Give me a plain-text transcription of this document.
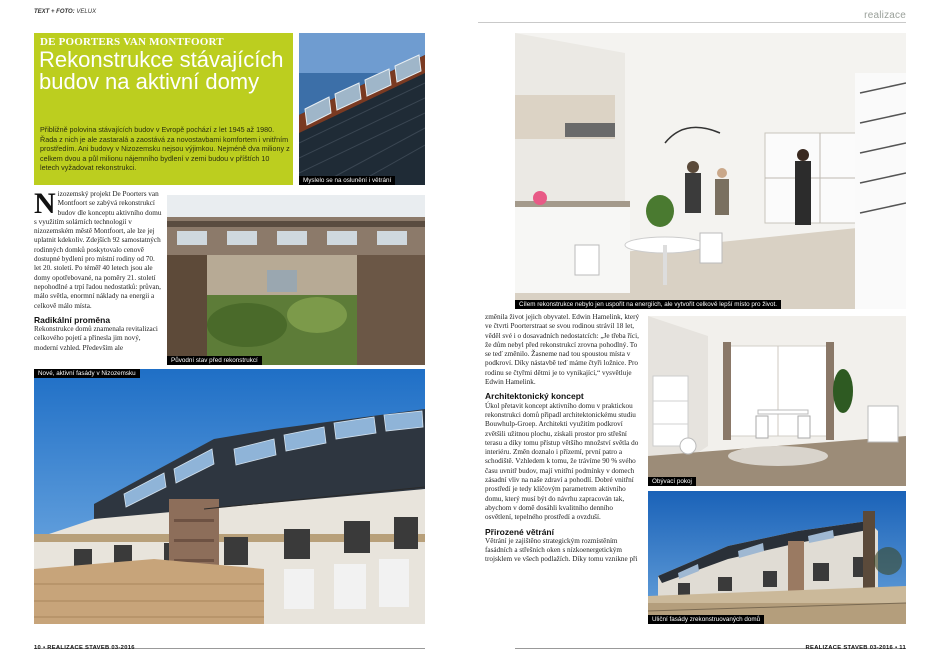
TEXT + FOTO: VELUX	realizace
DE POORTERS VAN MONTFOORT
Rekonstrukce stávajících budov na aktivní domy
Přibližně polovina stávajících budov v Evropě pochází z let 1945 až 1980. Řada z nich je ale zastaralá a zaostává za novostavbami komfortem i vnitřním prostředím. Ani budovy v Nizozemsku nejsou výjimkou. Nejméně dva miliony z celkem dvou a půl milionu nájemního bydlení v zemi budou v příštích 10 letech vyžadovat rekonstrukci.
Myslelo se na oslunění i větrání
N izozemský projekt De Poorters van Montfoort se zabývá rekonstrukcí budov dle konceptu aktivního domu s využitím solárních technologií v nizozemském městě Montfoort, ale lze jej uplatnit kdekoliv. Zdejších 92 samostatných rodinných domků poskytovalo cenově dostupné bydlení pro místní rodiny od 70. let 20. století. Po téměř 40 letech jsou ale domy opotřebované, na poměry 21. století nepohodlné a trpí řadou nedostatků: průvan, málo světla, enormní náklady na energii a celkově málo místa.
Radikální proměna
Rekonstrukce domů znamenala revitalizaci celkového pojetí a přinesla jim nový, moderní vzhled. Především ale
Původní stav před rekonstrukcí
Nové, aktivní fasády v Nizozemsku
Cílem rekonstrukce nebylo jen uspořit na energiích, ale vytvořit celkově lepší místo pro život.
změnila život jejich obyvatel. Edwin Hamelink, který ve čtvrti Poorterstraat se svou rodinou strávil 18 let, věděl své i o dosavadních nedostatcích: „Je třeba říci, že dům nebyl před rekonstrukcí zrovna pohodlný. To se teď změnilo. Žasneme nad tou spoustou místa v podkroví. Díky nástavbě teď máme čtyři ložnice. Pro rodinu se čtyřmi dětmi je to vynikající,“ vysvětluje Edwin Hamelink.
Architektonický koncept
Úkol přetavit koncept aktivního domu v praktickou rekonstrukci domů připadl architektonickému studiu Bouwhulp-Groep. Architekti využitím podkroví zvětšili užitnou plochu, získali prostor pro střešní terasu a díky tomu přístup většího množství světla do interiéru. Změn doznalo i přízemí, první patro a schodiště. Vzhledem k tomu, že trávíme 90 % svého času uvnitř budov, mají vnitřní podmínky v domech zásadní vliv na naše zdraví a pohodlí. Dobré vnitřní prostředí je tedy klíčovým parametrem aktivního domu, který musí být do návrhu zapracován tak, abychom v domě dosáhli kvalitního denního osvětlení, tepelného prostředí a ovzduší.
Přirozené větrání
Větrání je zajištěno strategickým rozmístěním fasádních a střešních oken s nízkoenergetickým trojsklem ve všech podlažích. Díky tomu vznikne při
Obývací pokoj
Uliční fasády zrekonstruovaných domů
10 ▪ REALIZACE STAVEB 03-2016	REALIZACE STAVEB 03-2016 ▪ 11
